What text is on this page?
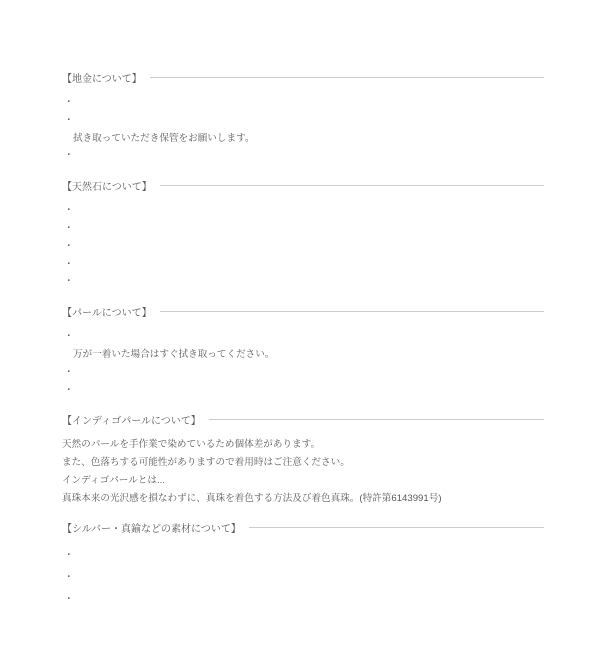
【地金について】
・
・
拭き取っていただき保管をお願いします。
・
【天然石について】
・
・
・
・
・
【パールについて】
・
万が一着いた場合はすぐ拭き取ってください。
・
・
【インディゴパールについて】
天然のパールを手作業で染めているため個体差があります。
また、色落ちする可能性がありますので着用時はご注意ください。
インディゴパールとは...
真珠本来の光沢感を損なわずに、真珠を着色する方法及び着色真珠。(特許第6143991号)
【シルバー・真鍮などの素材について】
・
・
・
